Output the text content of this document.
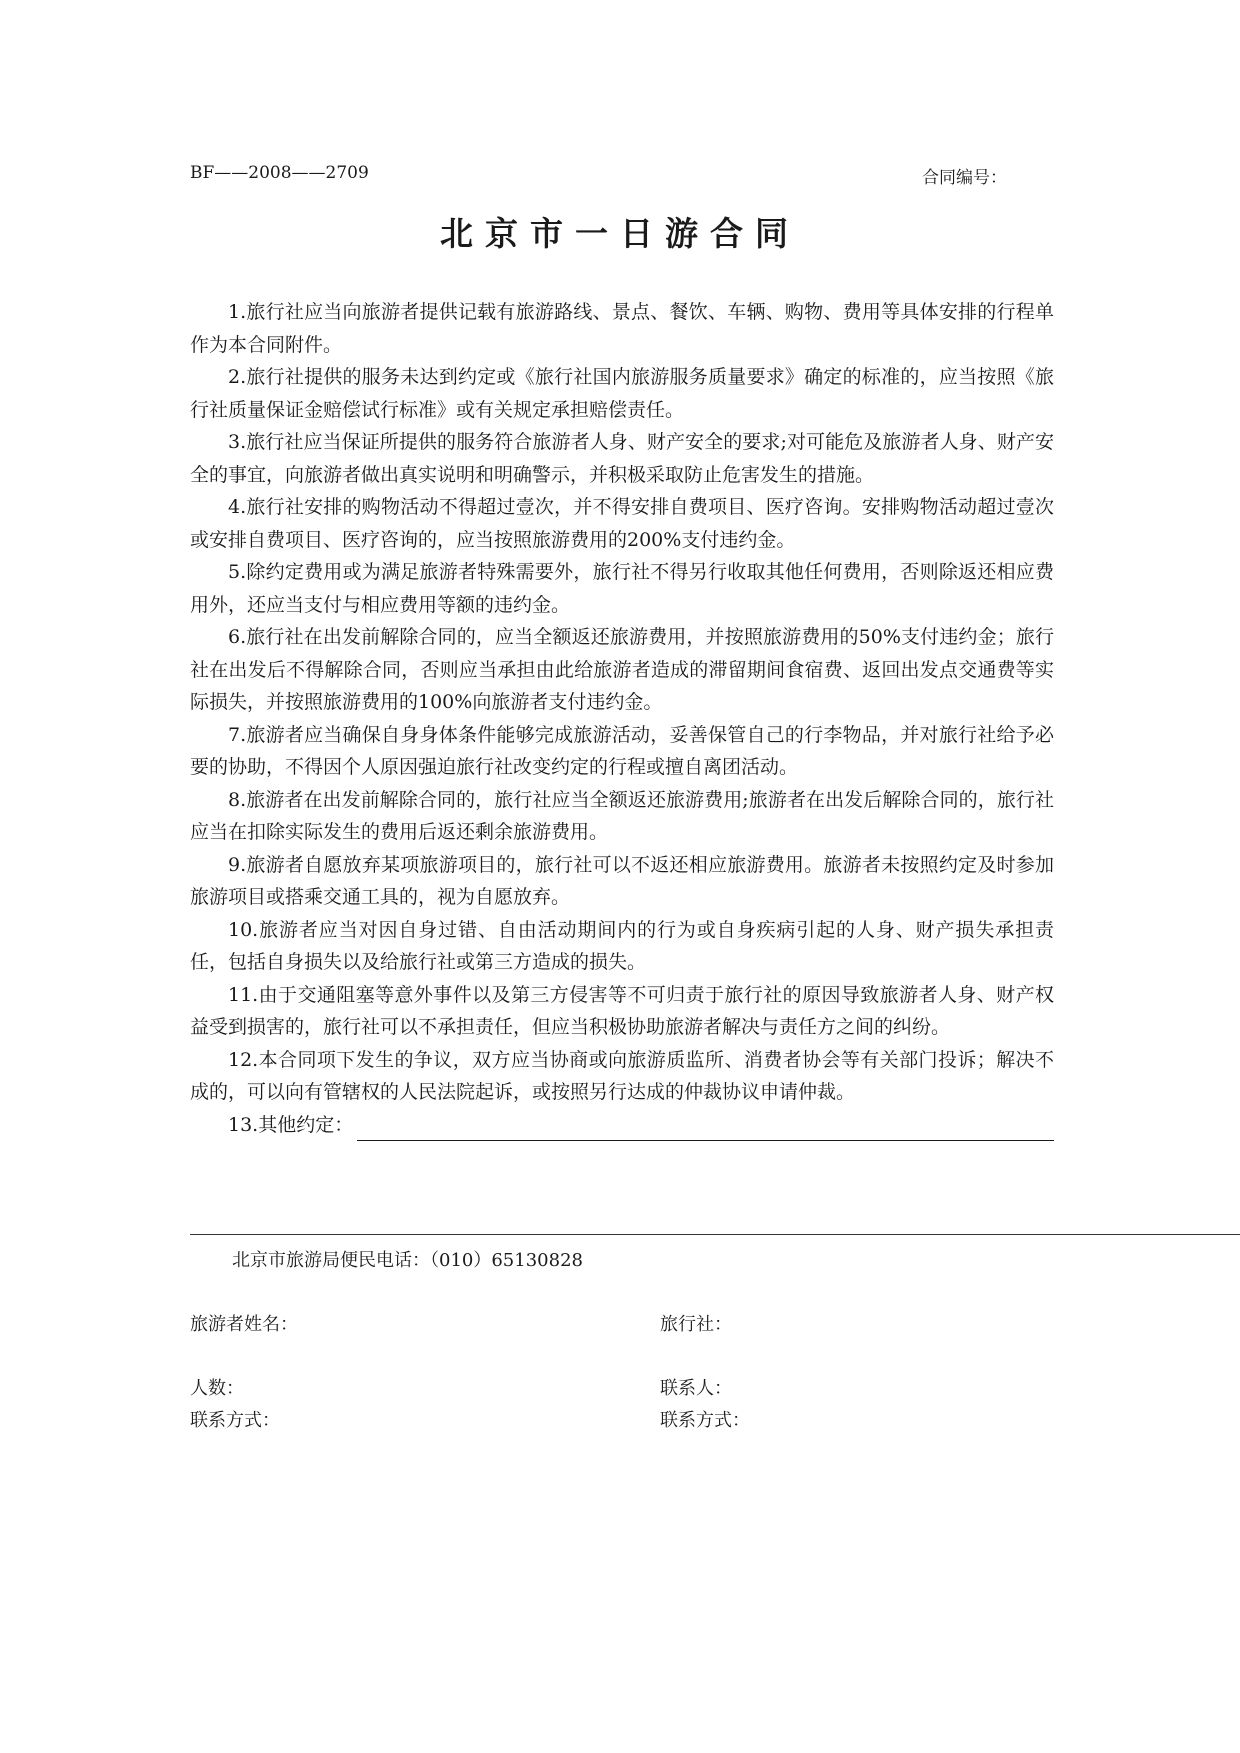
BF——2008——2709	合同编号：
北京市一日游合同

1.旅行社应当向旅游者提供记载有旅游路线、景点、餐饮、车辆、购物、费用等具体安排的行程单作为本合同附件。

2.旅行社提供的服务未达到约定或《旅行社国内旅游服务质量要求》确定的标准的，应当按照《旅行社质量保证金赔偿试行标准》或有关规定承担赔偿责任。

3.旅行社应当保证所提供的服务符合旅游者人身、财产安全的要求;对可能危及旅游者人身、财产安全的事宜，向旅游者做出真实说明和明确警示，并积极采取防止危害发生的措施。

4.旅行社安排的购物活动不得超过壹次，并不得安排自费项目、医疗咨询。安排购物活动超过壹次或安排自费项目、医疗咨询的，应当按照旅游费用的200%支付违约金。

5.除约定费用或为满足旅游者特殊需要外，旅行社不得另行收取其他任何费用，否则除返还相应费用外，还应当支付与相应费用等额的违约金。

6.旅行社在出发前解除合同的，应当全额返还旅游费用，并按照旅游费用的50%支付违约金；旅行社在出发后不得解除合同，否则应当承担由此给旅游者造成的滞留期间食宿费、返回出发点交通费等实际损失，并按照旅游费用的100%向旅游者支付违约金。

7.旅游者应当确保自身身体条件能够完成旅游活动，妥善保管自己的行李物品，并对旅行社给予必要的协助，不得因个人原因强迫旅行社改变约定的行程或擅自离团活动。

8.旅游者在出发前解除合同的，旅行社应当全额返还旅游费用;旅游者在出发后解除合同的，旅行社应当在扣除实际发生的费用后返还剩余旅游费用。

9.旅游者自愿放弃某项旅游项目的，旅行社可以不返还相应旅游费用。旅游者未按照约定及时参加旅游项目或搭乘交通工具的，视为自愿放弃。

10.旅游者应当对因自身过错、自由活动期间内的行为或自身疾病引起的人身、财产损失承担责任，包括自身损失以及给旅行社或第三方造成的损失。

11.由于交通阻塞等意外事件以及第三方侵害等不可归责于旅行社的原因导致旅游者人身、财产权益受到损害的，旅行社可以不承担责任，但应当积极协助旅游者解决与责任方之间的纠纷。

12.本合同项下发生的争议，双方应当协商或向旅游质监所、消费者协会等有关部门投诉；解决不成的，可以向有管辖权的人民法院起诉，或按照另行达成的仲裁协议申请仲裁。

13.其他约定：
北京市旅游局便民电话：（010）65130828
旅游者姓名：	旅行社：
人数：	联系人：
联系方式：	联系方式：
